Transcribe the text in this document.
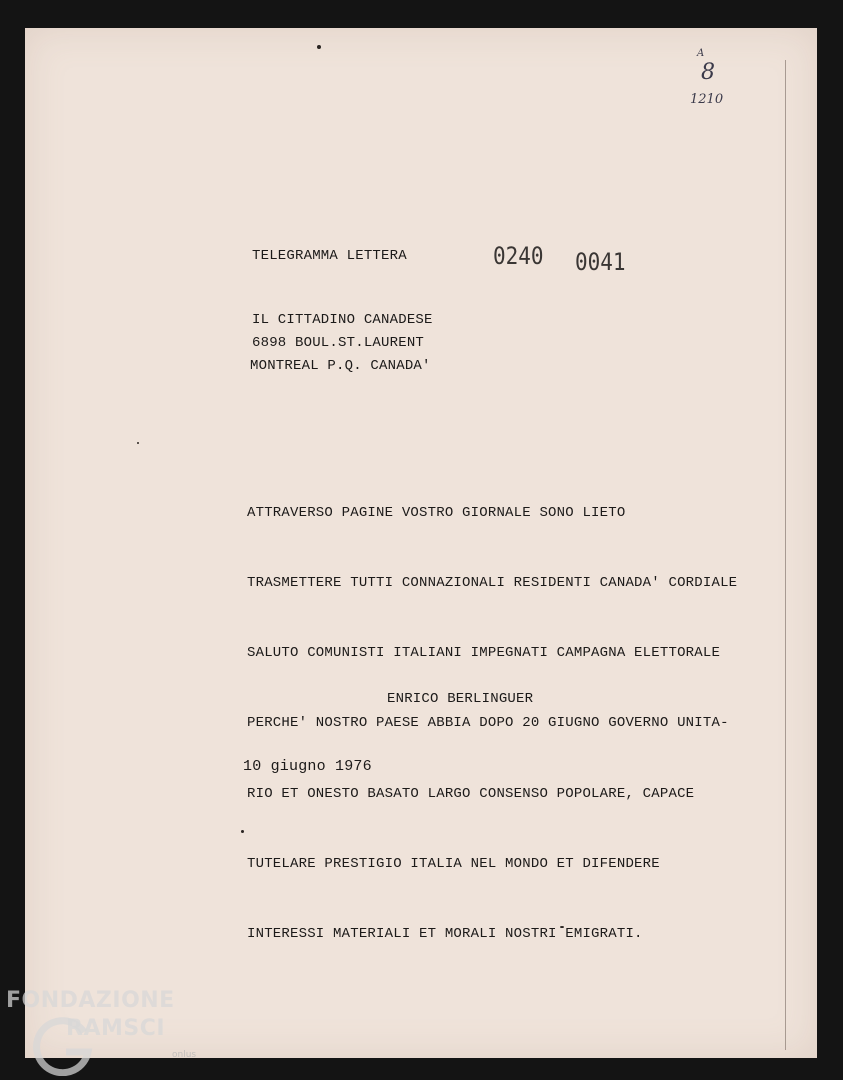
A
8
1210
TELEGRAMMA LETTERA	0240 0041
IL CITTADINO CANADESE
6898 BOUL.ST.LAURENT
MONTREAL P.Q. CANADA'

ATTRAVERSO PAGINE VOSTRO GIORNALE SONO LIETO

TRASMETTERE TUTTI CONNAZIONALI RESIDENTI CANADA' CORDIALE

SALUTO COMUNISTI ITALIANI IMPEGNATI CAMPAGNA ELETTORALE

PERCHE' NOSTRO PAESE ABBIA DOPO 20 GIUGNO GOVERNO UNITA-

RIO ET ONESTO BASATO LARGO CONSENSO POPOLARE, CAPACE

TUTELARE PRESTIGIO ITALIA NEL MONDO ET DIFENDERE

INTERESSI MATERIALI ET MORALI NOSTRI EMIGRATI.

ENRICO BERLINGUER
10 giugno 1976
FONDAZIONE
RAMSCI
onlus
